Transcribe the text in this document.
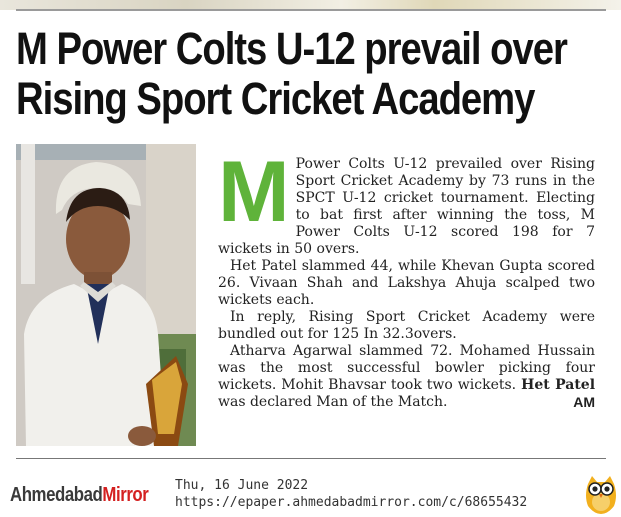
M Power Colts U-12 prevail over
Rising Sport Cricket Academy

M Power Colts U-12 prevailed over Rising Sport Cricket Academy by 73 runs in the SPCT U-12 cricket tournament. Electing to bat first after winning the toss, M Power Colts U-12 scored 198 for 7 wickets in 50 overs.

Het Patel slammed 44, while Khevan Gupta scored 26. Vivaan Shah and Lakshya Ahuja scalped two wickets each.

In reply, Rising Sport Cricket Academy were bundled out for 125 In 32.3overs.

Atharva Agarwal slammed 72. Mohamed Hussain was the most successful bowler picking four wickets. Mohit Bhavsar took two wickets. Het Patel was declared Man of the Match.	AM

AhmedabadMirror Thu, 16 June 2022
https://epaper.ahmedabadmirror.com/c/68655432
